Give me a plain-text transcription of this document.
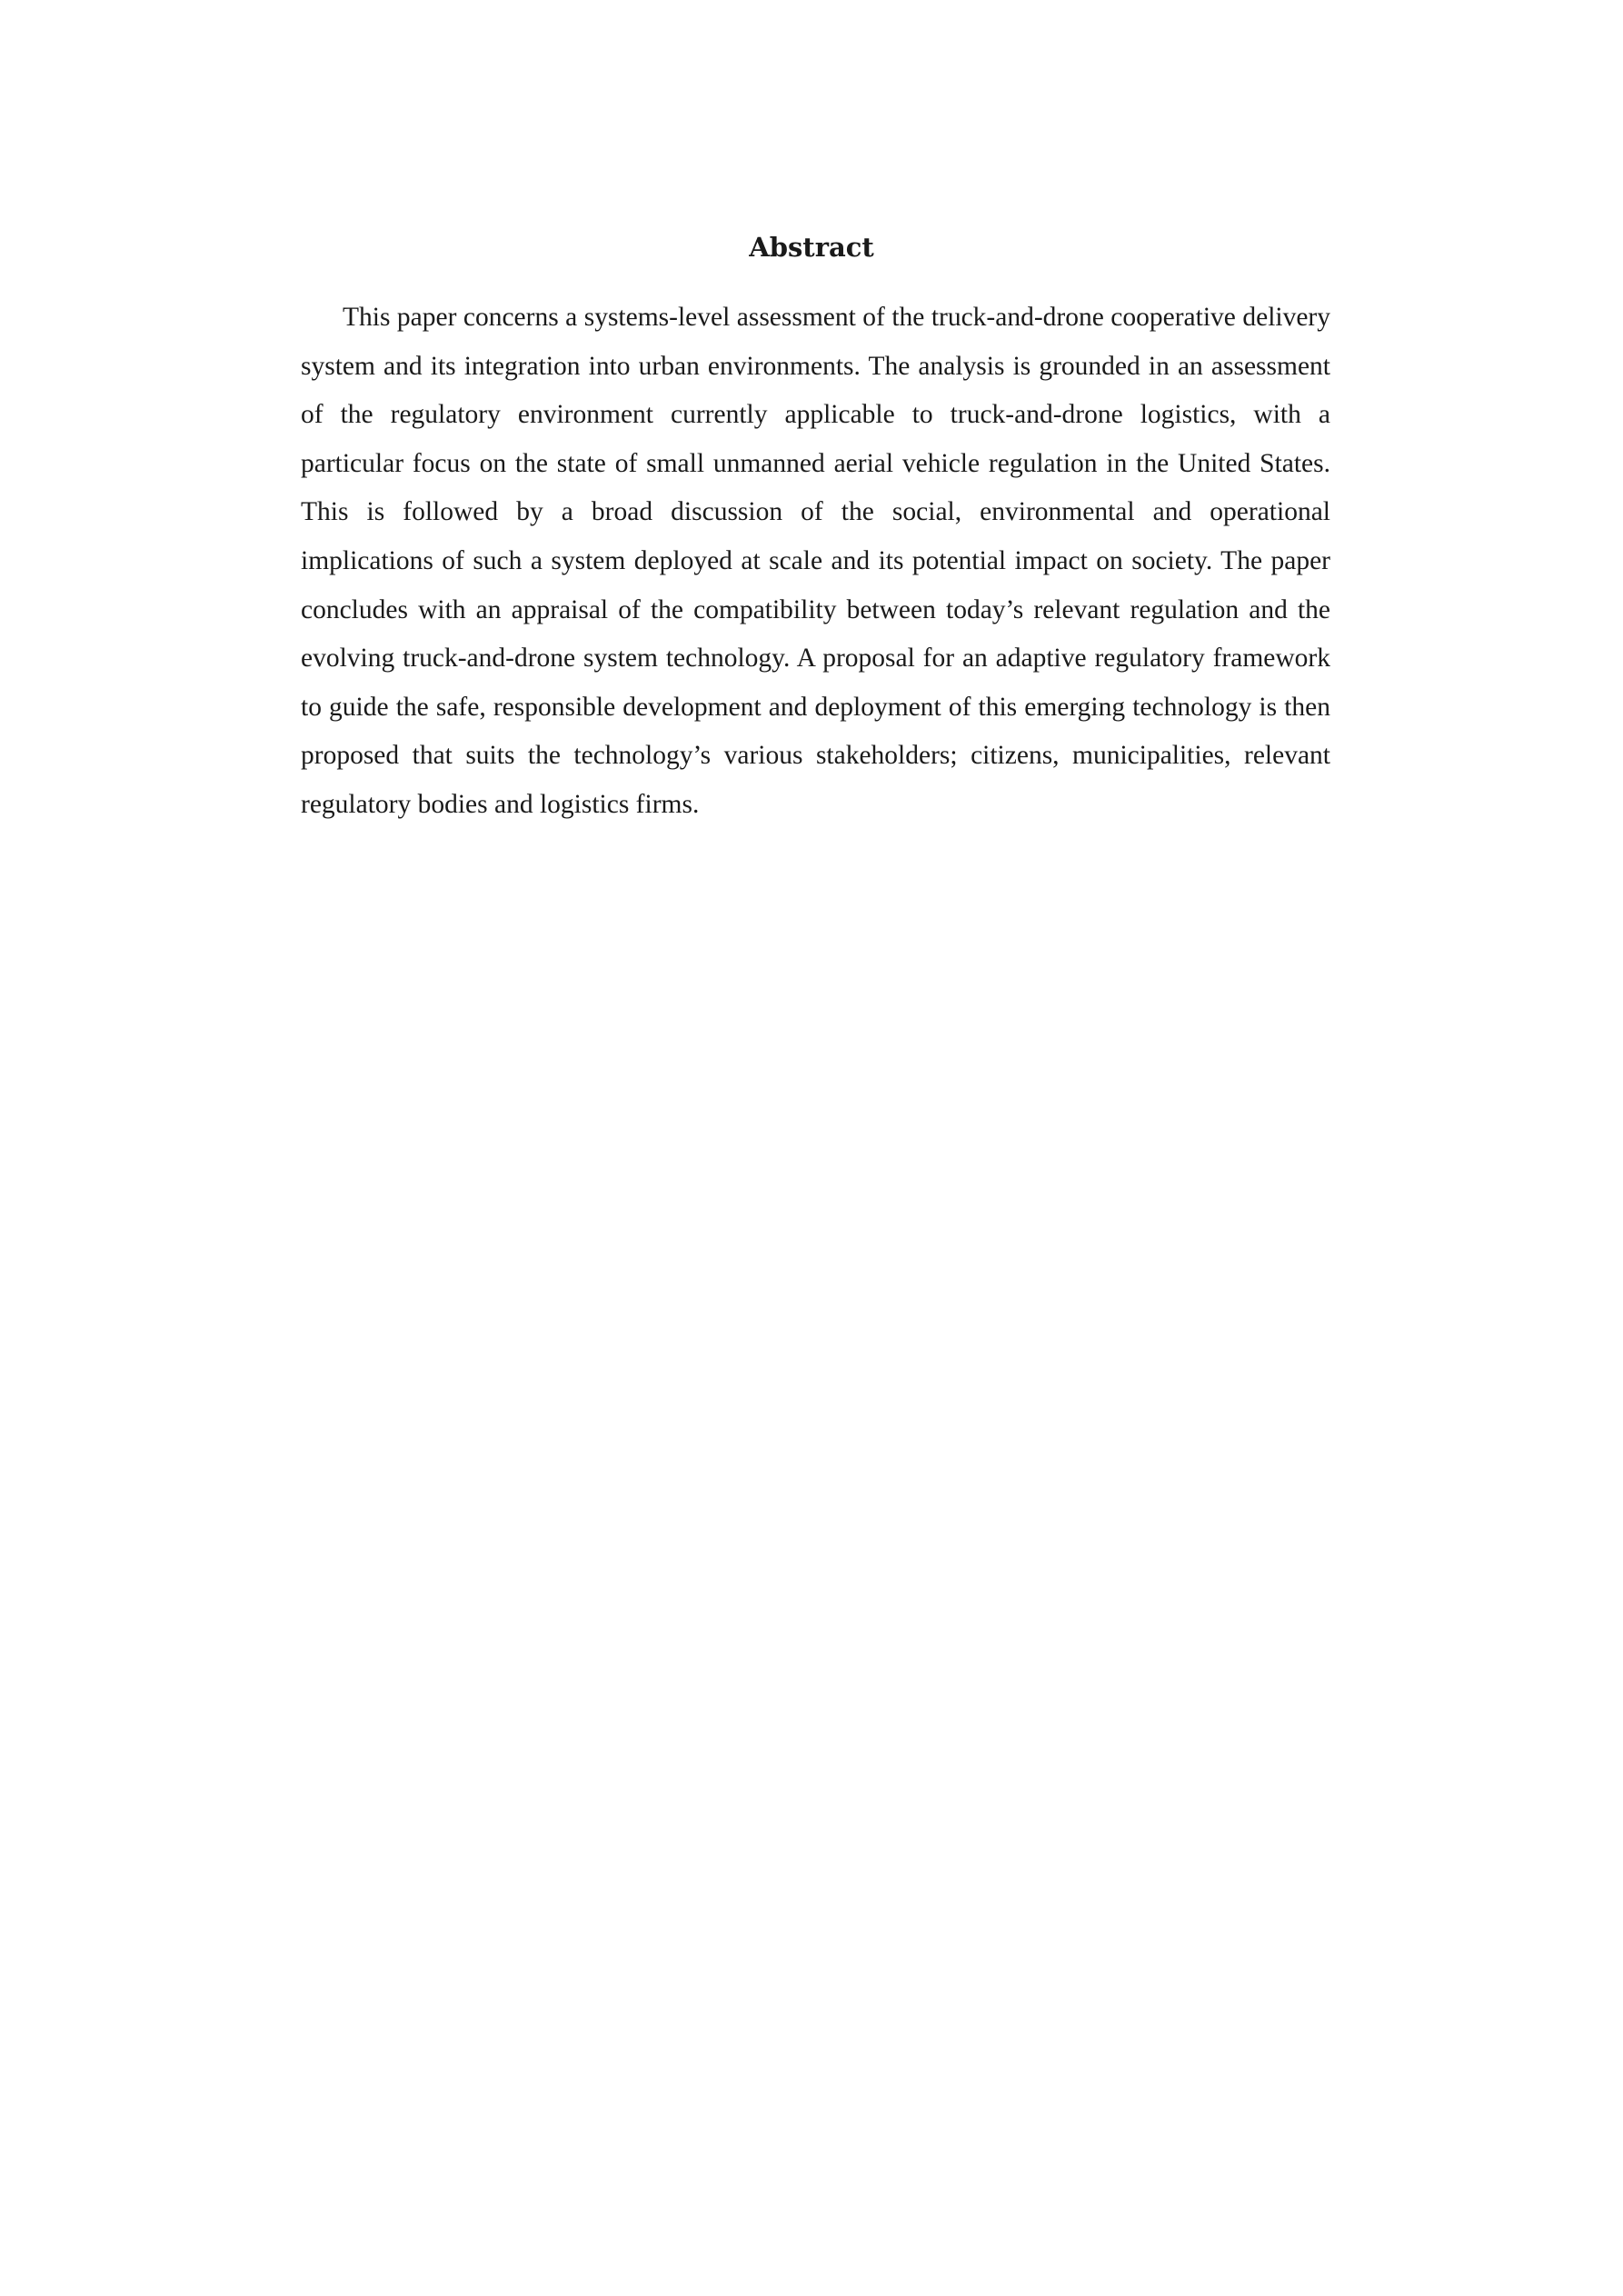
Abstract

This paper concerns a systems-level assessment of the truck-and-drone cooperative delivery system and its integration into urban environments. The analysis is grounded in an assessment of the regulatory environment currently applicable to truck-and-drone logistics, with a particular focus on the state of small unmanned aerial vehicle regulation in the United States. This is followed by a broad discussion of the social, environmental and operational implications of such a system deployed at scale and its potential impact on society. The paper concludes with an appraisal of the compatibility between today’s relevant regulation and the evolving truck-and-drone system technology. A proposal for an adaptive regulatory framework to guide the safe, responsible development and deployment of this emerging technology is then proposed that suits the technology’s various stakeholders; citizens, municipalities, relevant regulatory bodies and logistics firms.
